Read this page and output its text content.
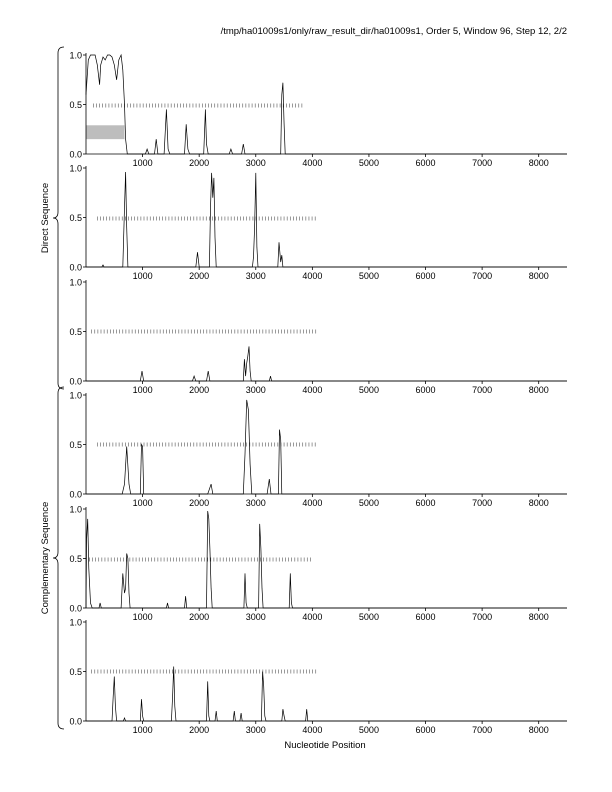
/tmp/ha01009s1/only/raw_result_dir/ha01009s1, Order 5, Window 96, Step 12, 2/2
0.0
0.5
1.0
1000	2000	3000	4000	5000	6000	7000	8000
0.0
0.5
1.0
1000	2000	3000	4000	5000	6000	7000	8000
0.0
0.5
1.0
1000	2000	3000	4000	5000	6000	7000	8000
0.0
0.5
1.0
1000	2000	3000	4000	5000	6000	7000	8000
0.0
0.5
1.0
1000	2000	3000	4000	5000	6000	7000	8000
0.0
0.5
1.0
1000	2000	3000	4000	5000	6000	7000	8000
Direct Sequence
Complementary Sequence
Nucleotide Position
